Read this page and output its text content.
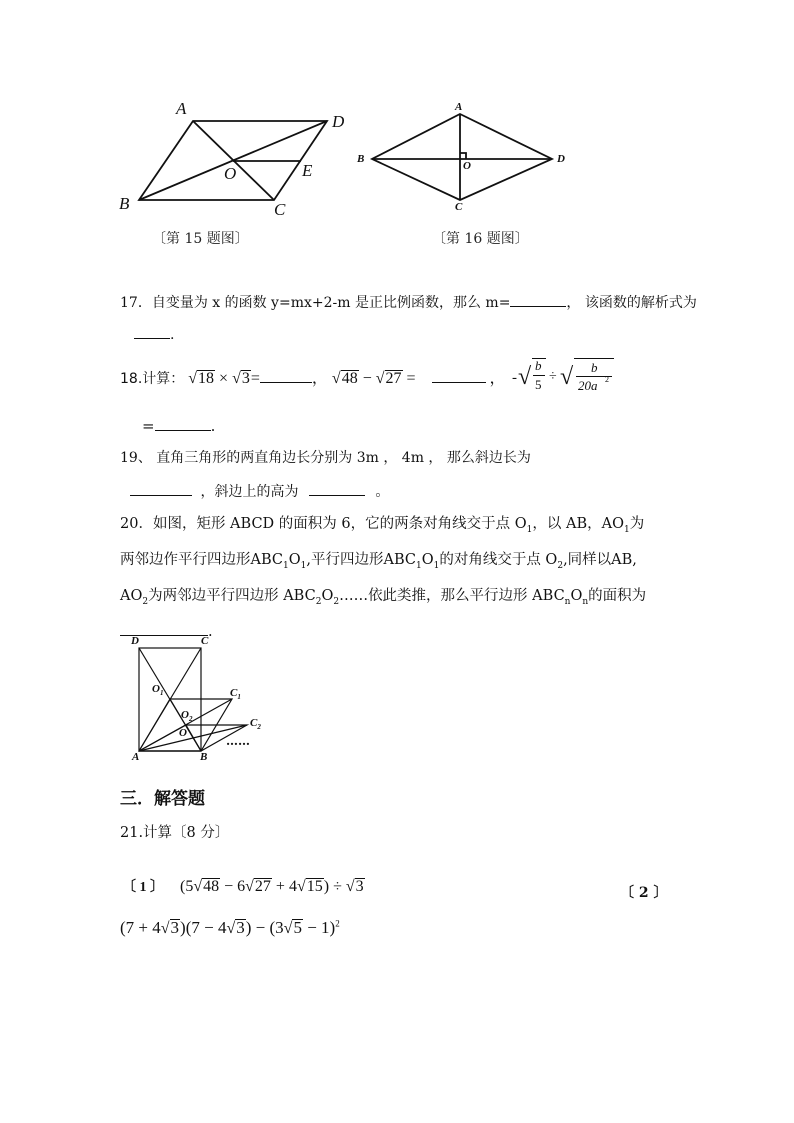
A
D
B	C
O	E
〔第 15 题图〕
A
B
C
D
O
〔第 16 题图〕
17．自变量为 x 的函数 y=mx+2-m 是正比例函数，那么 m=	， 该函数的解析式为
.
18.计算： √18 × √3=	， √48 − √27 =	， - √ b
5
÷ √ b
20a 2
=	.
19、 直角三角形的两直角边长分别为 3m ， 4m ， 那么斜边长为
，斜边上的高为	。
20．如图，矩形 ABCD 的面积为 6，它的两条对角线交于点 $O_1$，以 AB，$AO_1$为
两邻边作平行四边形$ABC_1O_1$,平行四边形$ABC_1O_1$的对角线交于点 $O_2$,同样以AB,
$AO_2$为两邻边平行四边形 $ABC_2O_2\dots\dots$依此类推，那么平行边形 $ABC_nO_n$的面积为
.
D	C
$O_1$	$C_1$
$O_2$
O
$C_2$
A	B
……
三．解答题
21.计算〔8 分〕
〔 1 〕 (5√48 − 6√27 + 4√15) ÷ √3	〔 2 〕
$(7 + 4√3)(7 - 4√3) - (3√5 - 1)^2$
